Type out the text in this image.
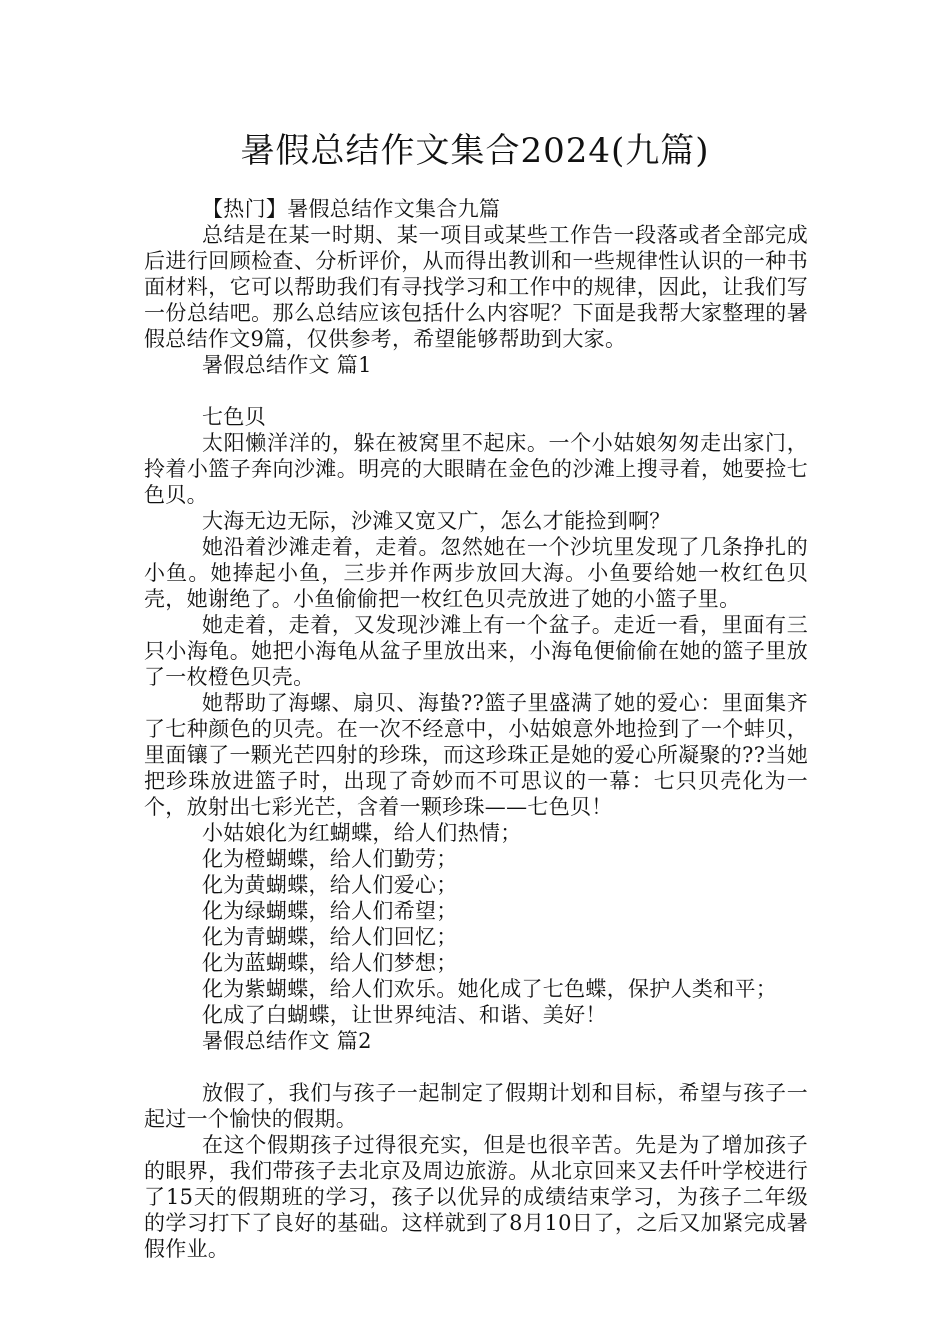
暑假总结作文集合2024(九篇)

【热门】暑假总结作文集合九篇

总结是在某一时期、某一项目或某些工作告一段落或者全部完成后进行回顾检查、分析评价，从而得出教训和一些规律性认识的一种书面材料，它可以帮助我们有寻找学习和工作中的规律，因此，让我们写一份总结吧。那么总结应该包括什么内容呢？下面是我帮大家整理的暑假总结作文9篇，仅供参考，希望能够帮助到大家。

暑假总结作文 篇1

七色贝

太阳懒洋洋的，躲在被窝里不起床。一个小姑娘匆匆走出家门，拎着小篮子奔向沙滩。明亮的大眼睛在金色的沙滩上搜寻着，她要捡七色贝。

大海无边无际，沙滩又宽又广，怎么才能捡到啊？

她沿着沙滩走着，走着。忽然她在一个沙坑里发现了几条挣扎的小鱼。她捧起小鱼，三步并作两步放回大海。小鱼要给她一枚红色贝壳，她谢绝了。小鱼偷偷把一枚红色贝壳放进了她的小篮子里。

她走着，走着，又发现沙滩上有一个盆子。走近一看，里面有三只小海龟。她把小海龟从盆子里放出来，小海龟便偷偷在她的篮子里放了一枚橙色贝壳。

她帮助了海螺、扇贝、海蛰??篮子里盛满了她的爱心：里面集齐了七种颜色的贝壳。在一次不经意中，小姑娘意外地捡到了一个蚌贝，里面镶了一颗光芒四射的珍珠，而这珍珠正是她的爱心所凝聚的??当她把珍珠放进篮子时，出现了奇妙而不可思议的一幕：七只贝壳化为一个，放射出七彩光芒，含着一颗珍珠——七色贝！

小姑娘化为红蝴蝶，给人们热情；

化为橙蝴蝶，给人们勤劳；

化为黄蝴蝶，给人们爱心；

化为绿蝴蝶，给人们希望；

化为青蝴蝶，给人们回忆；

化为蓝蝴蝶，给人们梦想；

化为紫蝴蝶，给人们欢乐。她化成了七色蝶，保护人类和平；

化成了白蝴蝶，让世界纯洁、和谐、美好！

暑假总结作文 篇2

放假了，我们与孩子一起制定了假期计划和目标，希望与孩子一起过一个愉快的假期。

在这个假期孩子过得很充实，但是也很辛苦。先是为了增加孩子的眼界，我们带孩子去北京及周边旅游。从北京回来又去仟叶学校进行了15天的假期班的学习，孩子以优异的成绩结束学习，为孩子二年级的学习打下了良好的基础。这样就到了8月10日了，之后又加紧完成暑假作业。
